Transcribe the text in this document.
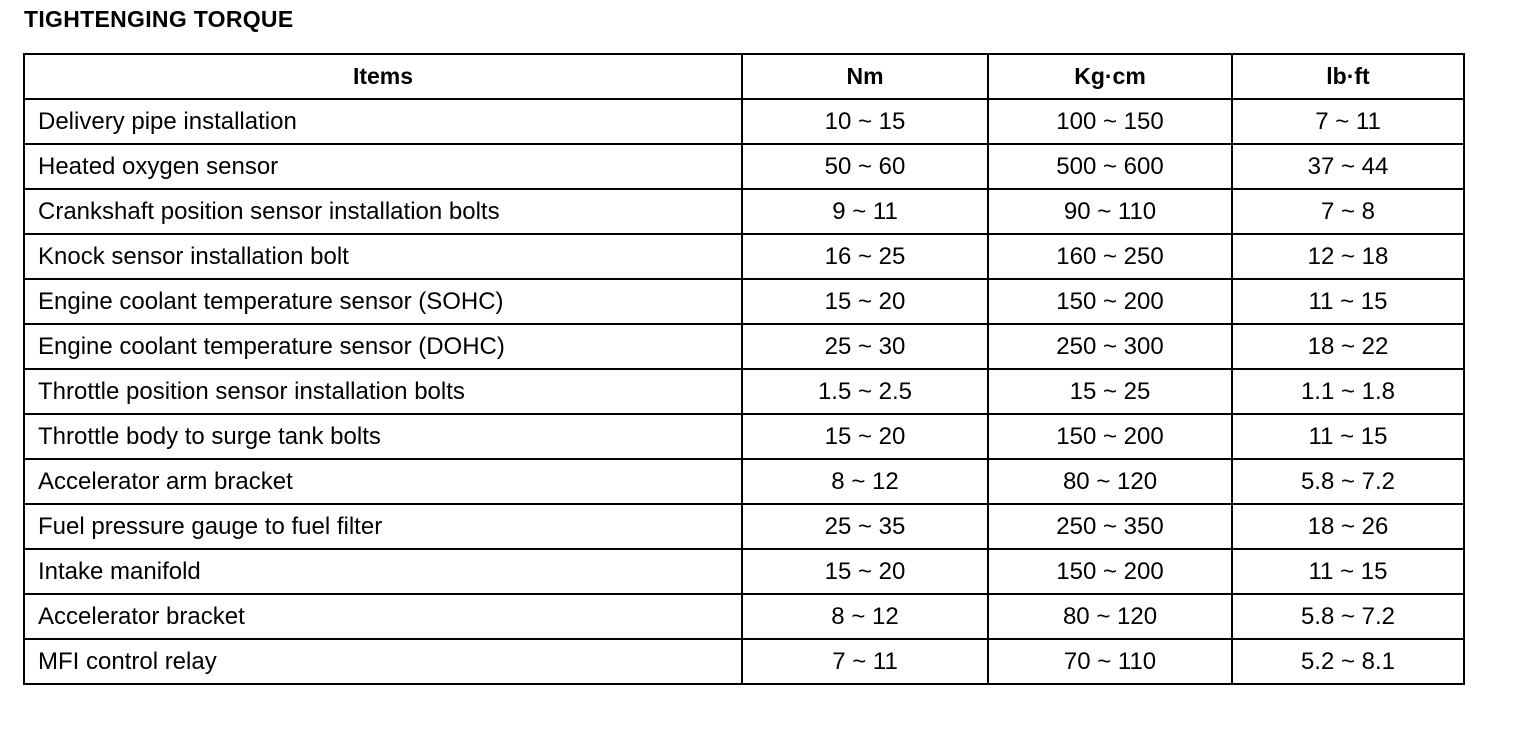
TIGHTENGING TORQUE
Items	Nm	Kg·cm	lb·ft
Delivery pipe installation	10 ~ 15	100 ~ 150	7 ~ 11
Heated oxygen sensor	50 ~ 60	500 ~ 600	37 ~ 44
Crankshaft position sensor installation bolts	9 ~ 11	90 ~ 110	7 ~ 8
Knock sensor installation bolt	16 ~ 25	160 ~ 250	12 ~ 18
Engine coolant temperature sensor (SOHC)	15 ~ 20	150 ~ 200	11 ~ 15
Engine coolant temperature sensor (DOHC)	25 ~ 30	250 ~ 300	18 ~ 22
Throttle position sensor installation bolts	1.5 ~ 2.5	15 ~ 25	1.1 ~ 1.8
Throttle body to surge tank bolts	15 ~ 20	150 ~ 200	11 ~ 15
Accelerator arm bracket	8 ~ 12	80 ~ 120	5.8 ~ 7.2
Fuel pressure gauge to fuel filter	25 ~ 35	250 ~ 350	18 ~ 26
Intake manifold	15 ~ 20	150 ~ 200	11 ~ 15
Accelerator bracket	8 ~ 12	80 ~ 120	5.8 ~ 7.2
MFI control relay	7 ~ 11	70 ~ 110	5.2 ~ 8.1
